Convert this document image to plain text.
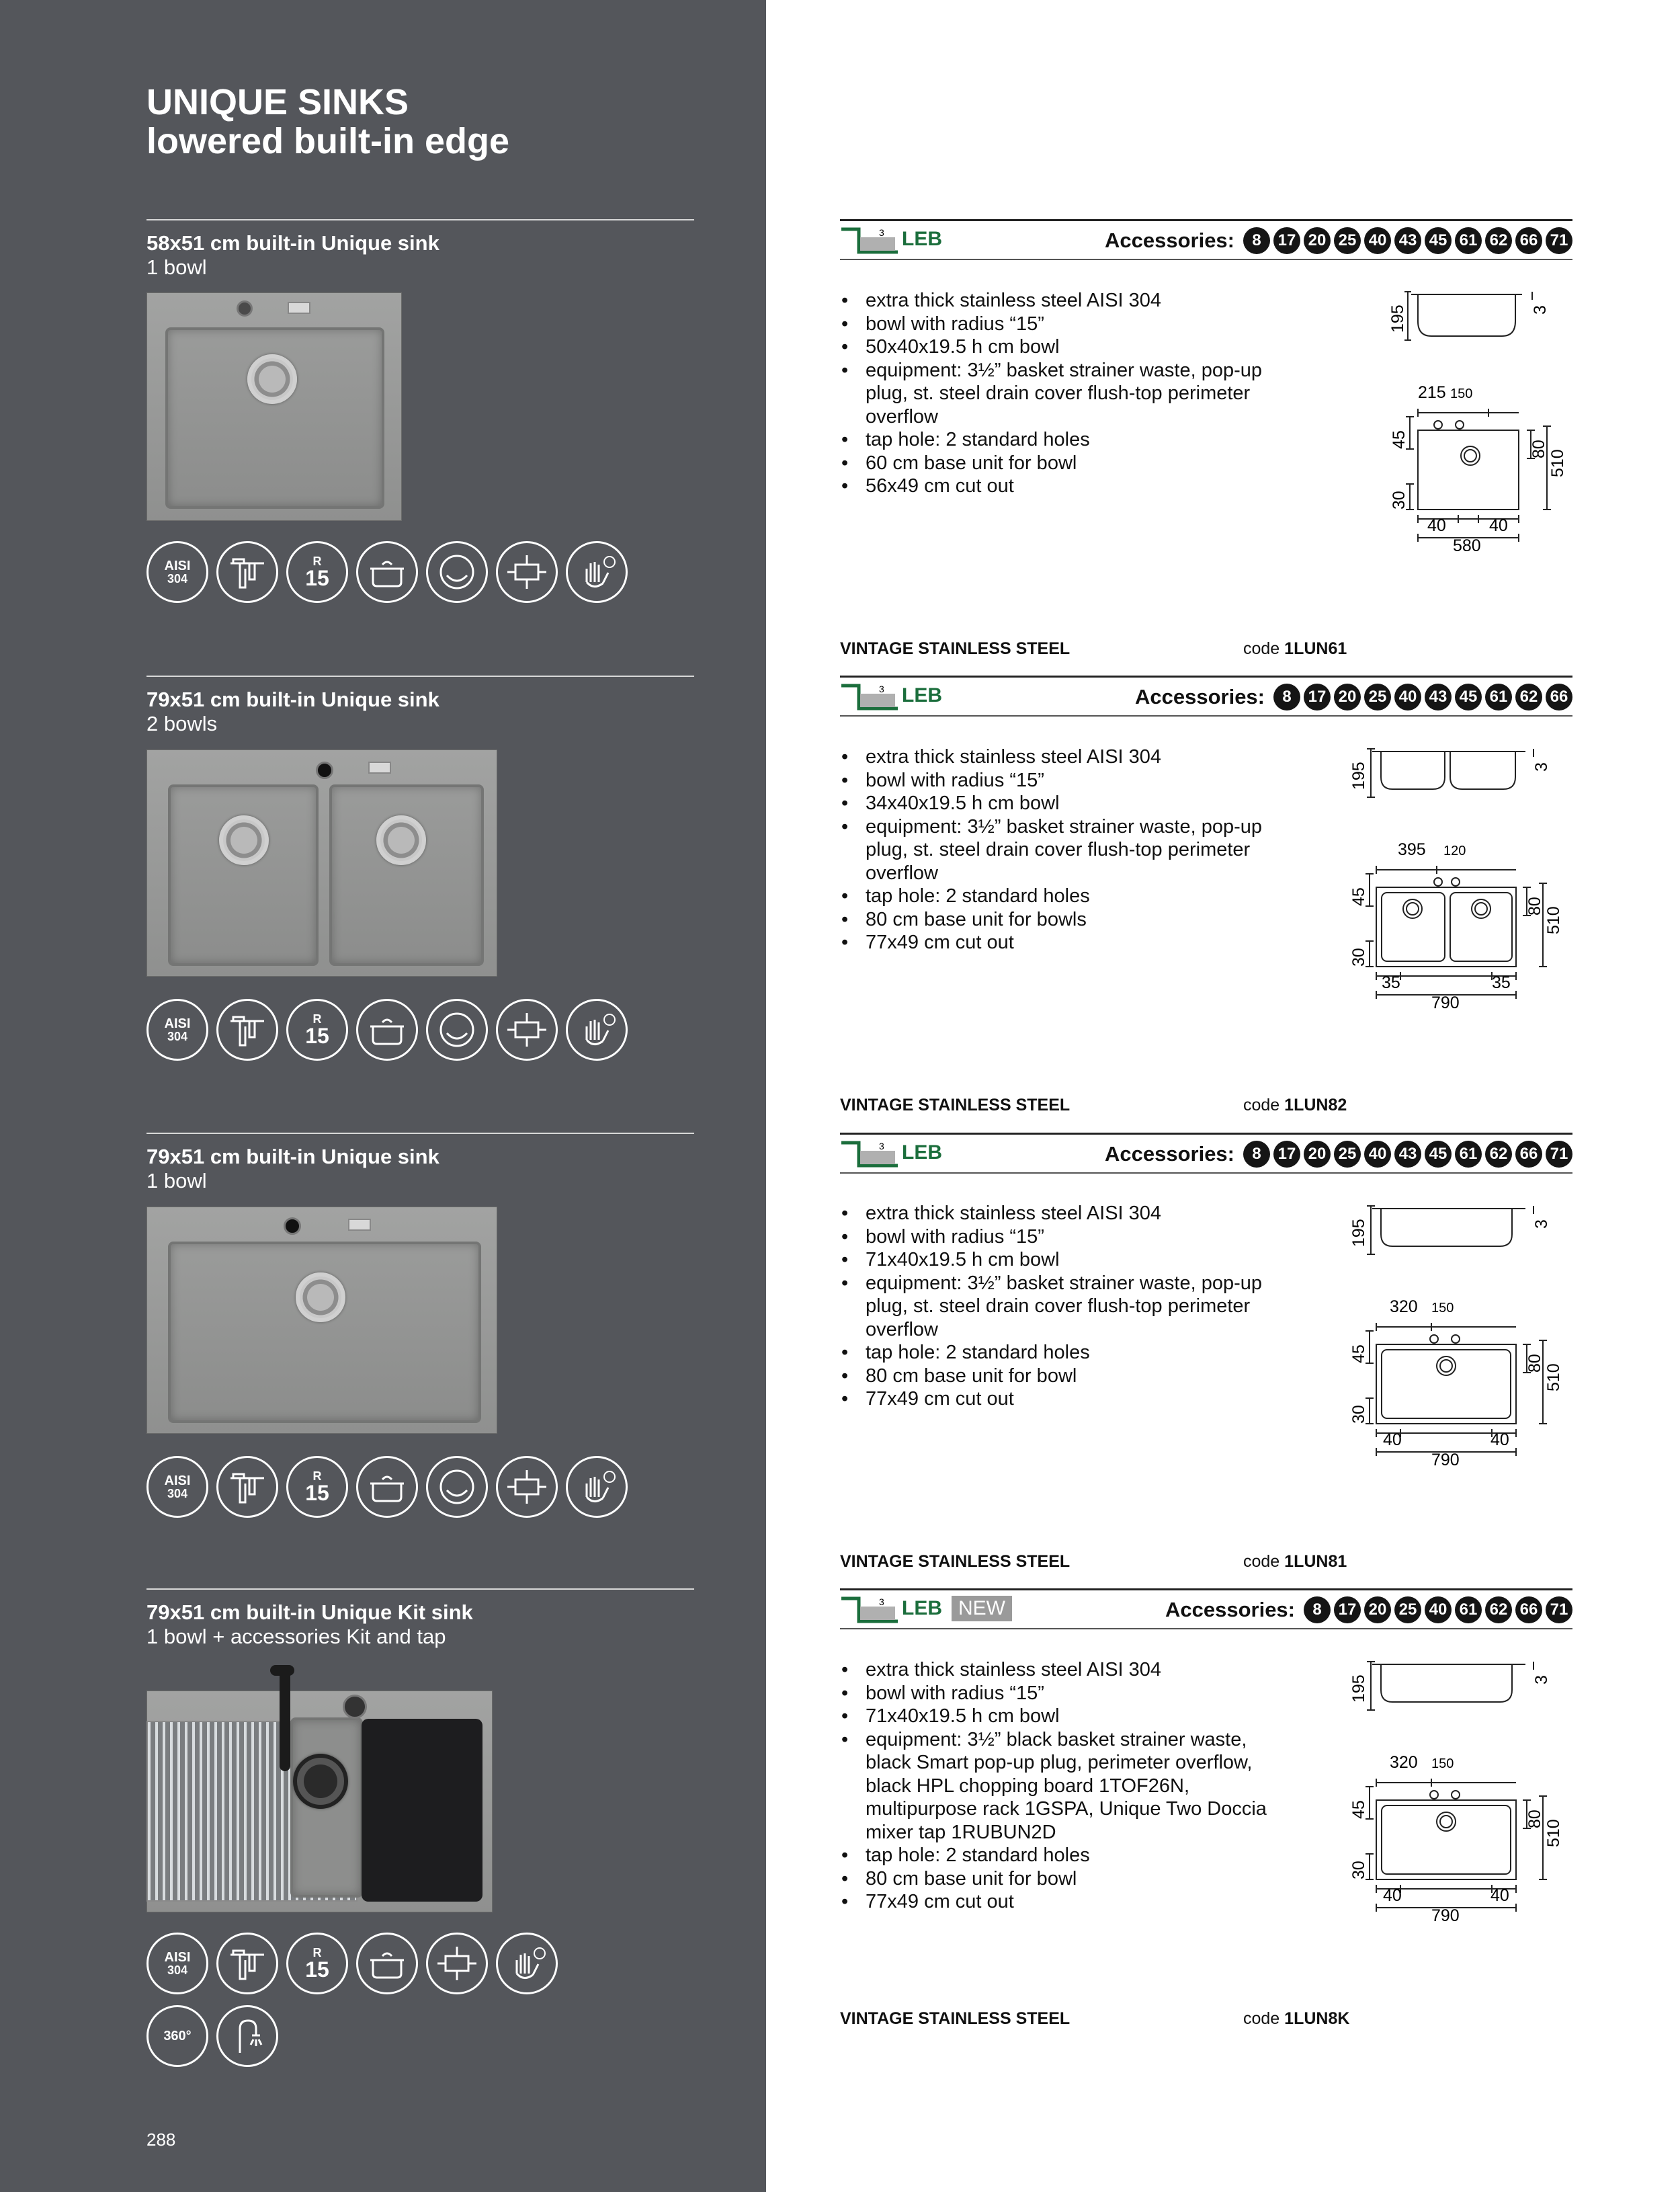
UNIQUE SINKS
lowered built-in edge
288
58x51 cm built-in Unique sink
1 bowl
AISI
304
R
15
3 LEB	Accessories:	8	17 20 25 40 43 45 61 62 66 71
• extra thick stainless steel AISI 304
• bowl with radius “15”
• 50x40x19.5 h cm bowl
• equipment: 3½” basket strainer waste, pop-up plug, st. steel drain cover flush-top perimeter overflow
• tap hole: 2 standard holes
• 60 cm base unit for bowl
• 56x49 cm cut out
195	3
215 150
45
80
510
30
40	40
580
VINTAGE STAINLESS STEEL	code 1LUN61
79x51 cm built-in Unique sink
2 bowls
AISI
304
R
15
3 LEB	Accessories:	8	17 20 25 40 43 45 61 62 66
• extra thick stainless steel AISI 304
• bowl with radius “15”
• 34x40x19.5 h cm bowl
• equipment: 3½” basket strainer waste, pop-up plug, st. steel drain cover flush-top perimeter overflow
• tap hole: 2 standard holes
• 80 cm base unit for bowls
• 77x49 cm cut out
195	3
395 120
45
80
510
30
35	35
790
VINTAGE STAINLESS STEEL	code 1LUN82
79x51 cm built-in Unique sink
1 bowl
AISI
304
R
15
3 LEB	Accessories:	8	17 20 25 40 43 45 61 62 66 71
• extra thick stainless steel AISI 304
• bowl with radius “15”
• 71x40x19.5 h cm bowl
• equipment: 3½” basket strainer waste, pop-up plug, st. steel drain cover flush-top perimeter overflow
• tap hole: 2 standard holes
• 80 cm base unit for bowl
• 77x49 cm cut out
195	3
320 150
45
80
510
30
40	40
790
VINTAGE STAINLESS STEEL	code 1LUN81
79x51 cm built-in Unique Kit sink
1 bowl + accessories Kit and tap
AISI
304
R
15
360°
3 LEB NEW	Accessories:	8	17 20 25 40 61 62 66 71
• extra thick stainless steel AISI 304
• bowl with radius “15”
• 71x40x19.5 h cm bowl
• equipment: 3½” black basket strainer waste, black Smart pop-up plug, perimeter overflow, black HPL chopping board 1TOF26N, multipurpose rack 1GSPA, Unique Two Doccia mixer tap 1RUBUN2D
• tap hole: 2 standard holes
• 80 cm base unit for bowl
• 77x49 cm cut out
195	3
320 150
45
80
510
30
40	40
790
VINTAGE STAINLESS STEEL	code 1LUN8K
